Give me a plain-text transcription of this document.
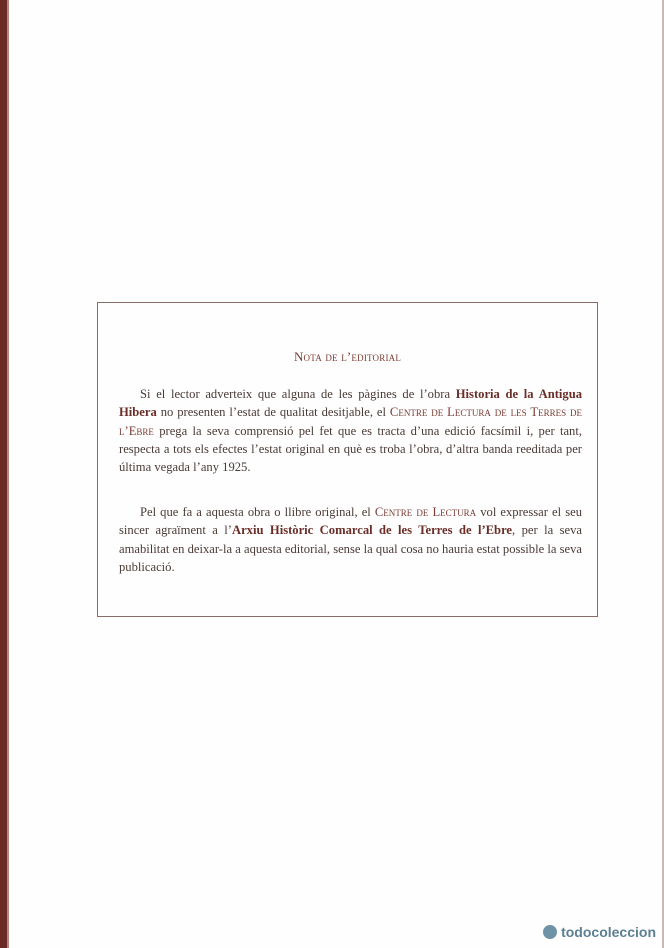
Nota de l’editorial

Si el lector adverteix que alguna de les pàgines de l’obra Historia de la Antigua Hibera no presenten l’estat de qualitat desitjable, el Centre de Lectura de les Terres de l’Ebre prega la seva comprensió pel fet que es tracta d’una edició facsímil i, per tant, respecta a tots els efectes l’estat original en què es troba l’obra, d’altra banda reeditada per última vegada l’any 1925.

Pel que fa a aquesta obra o llibre original, el Centre de Lectura vol expressar el seu sincer agraïment a l’Arxiu Històric Comarcal de les Terres de l’Ebre, per la seva amabilitat en deixar-la a aquesta editorial, sense la qual cosa no hauria estat possible la seva publicació.

todocoleccion
